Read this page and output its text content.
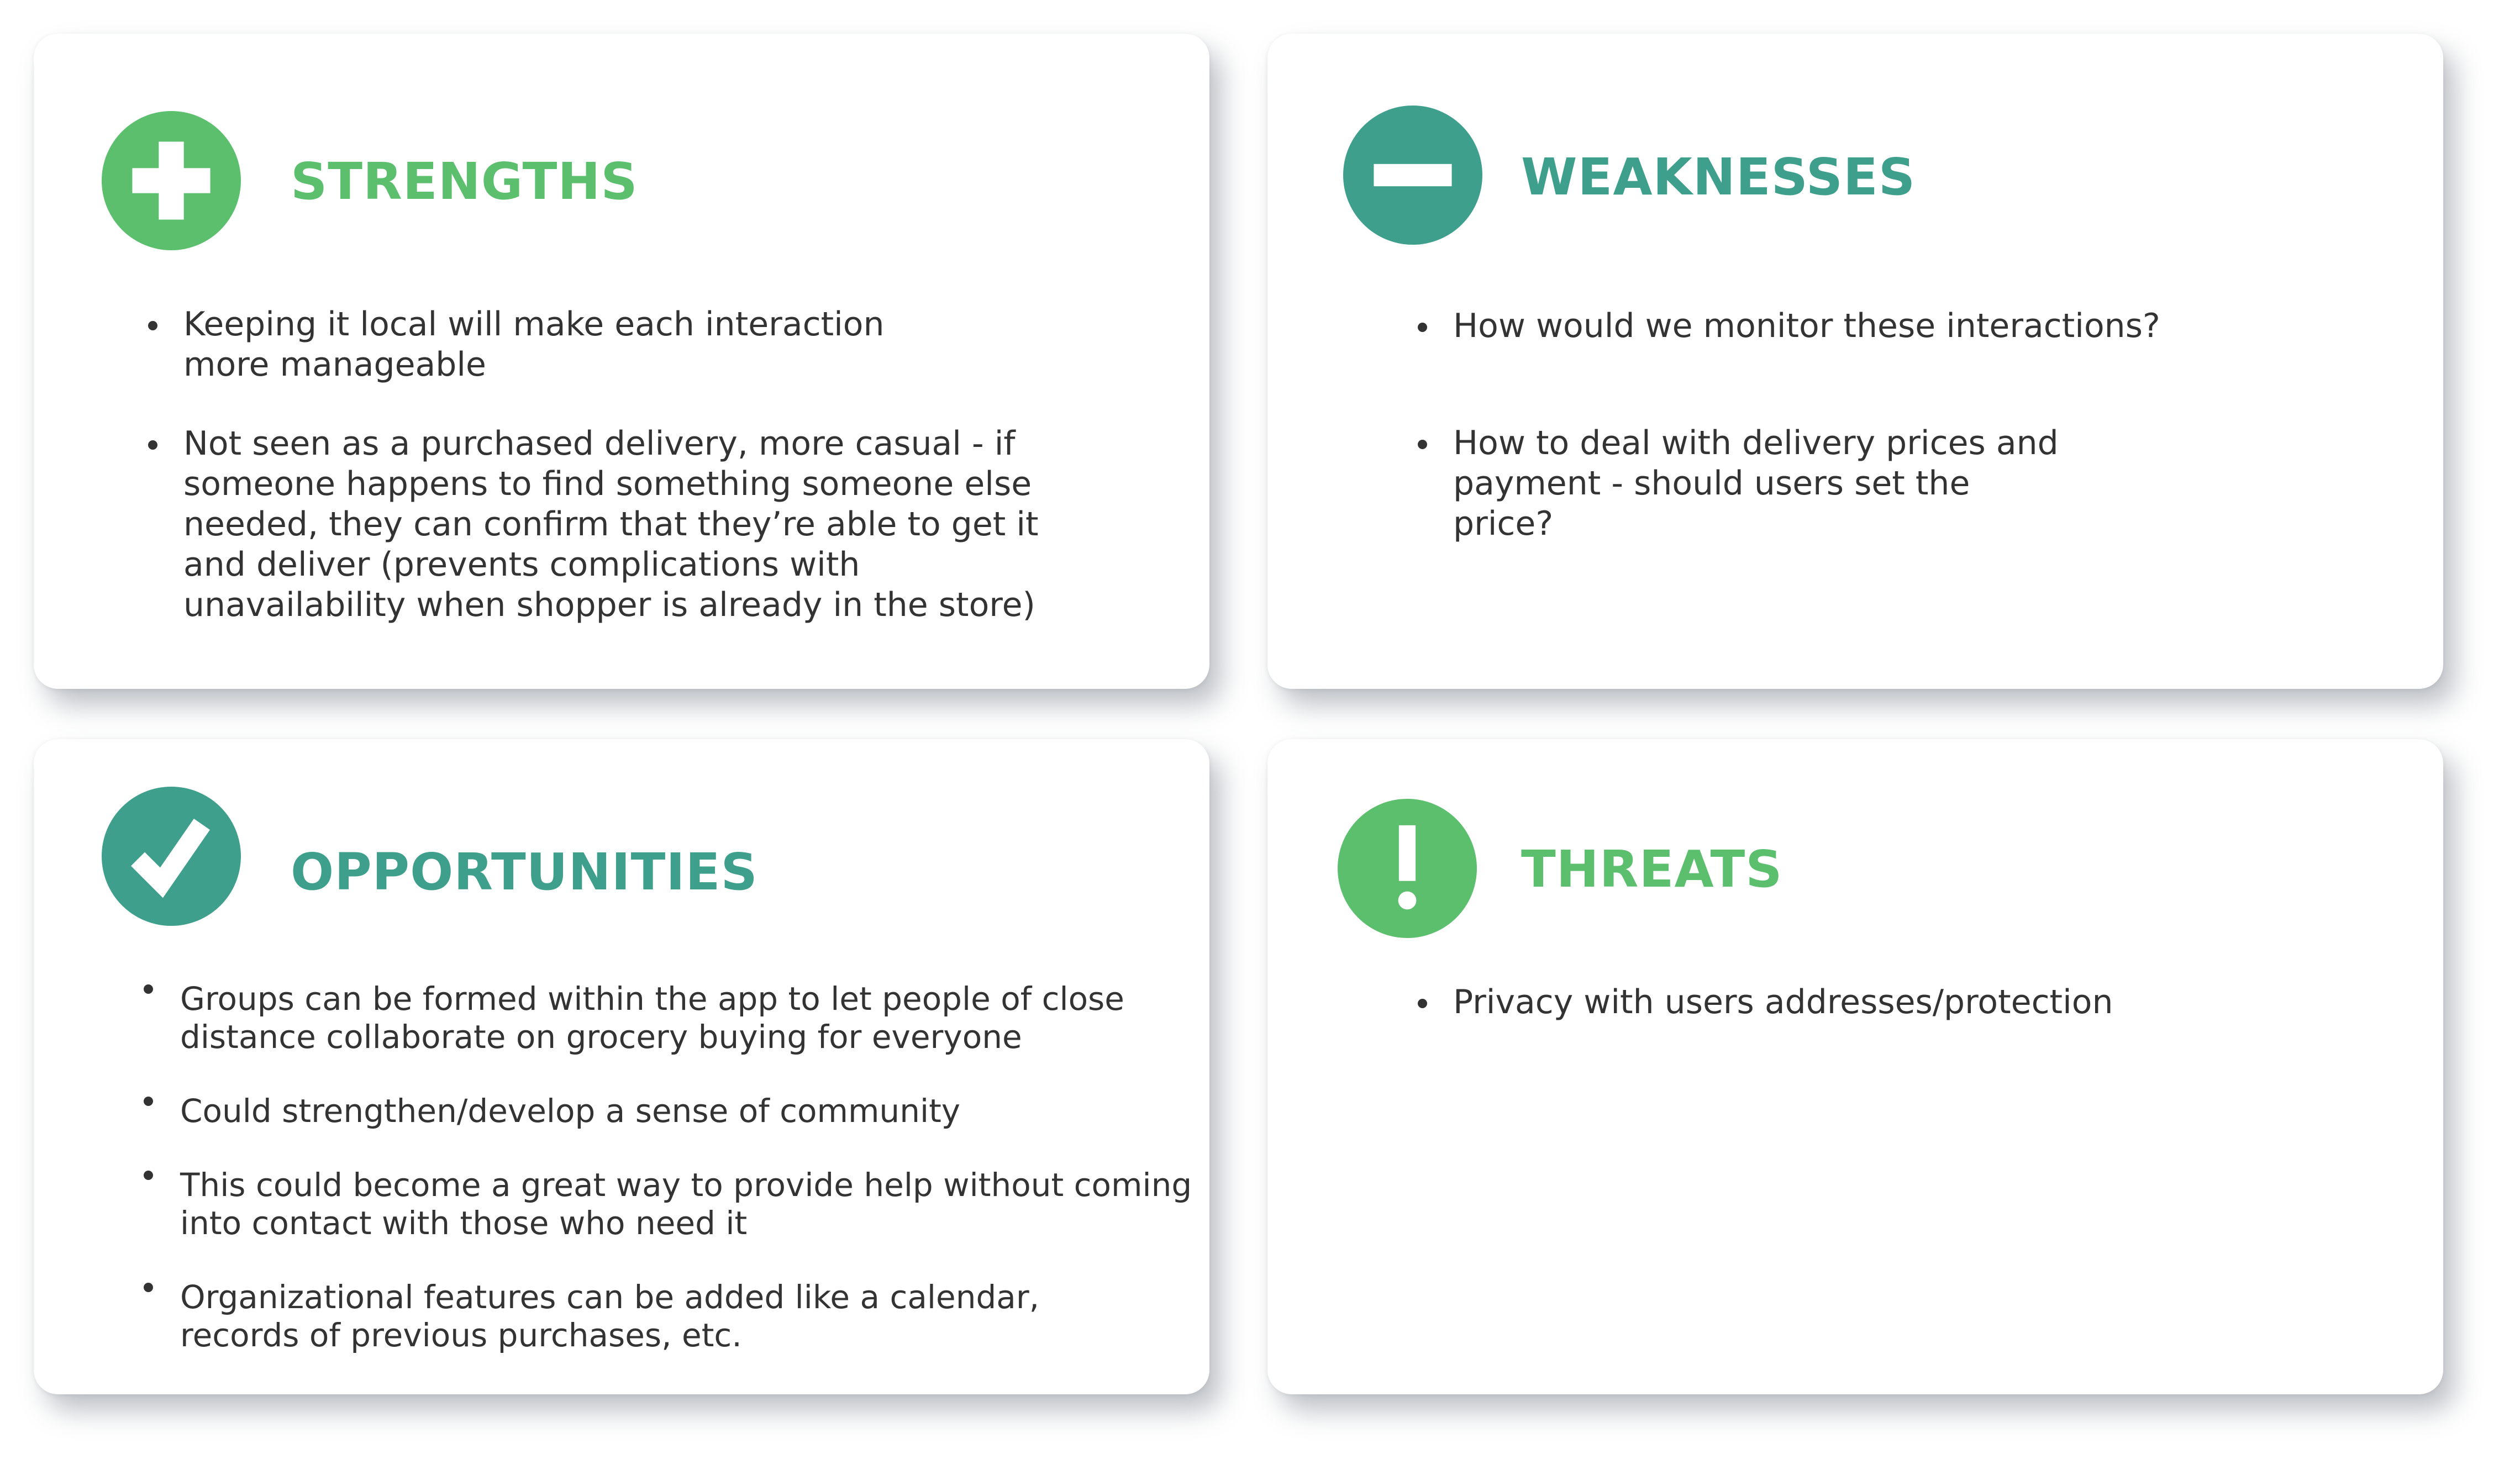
STRENGTHS
Keeping it local will make each interaction more manageable
Not seen as a purchased delivery, more casual - if someone happens to find something someone else needed, they can confirm that they’re able to get it and deliver (prevents complications with unavailability when shopper is already in the store)
WEAKNESSES
How would we monitor these interactions?
How to deal with delivery prices and payment - should users set the price?
OPPORTUNITIES
Groups can be formed within the app to let people of close distance collaborate on grocery buying for everyone
Could strengthen/develop a sense of community
This could become a great way to provide help without coming into contact with those who need it
Organizational features can be added like a calendar, records of previous purchases, etc.
THREATS
Privacy with users addresses/protection
